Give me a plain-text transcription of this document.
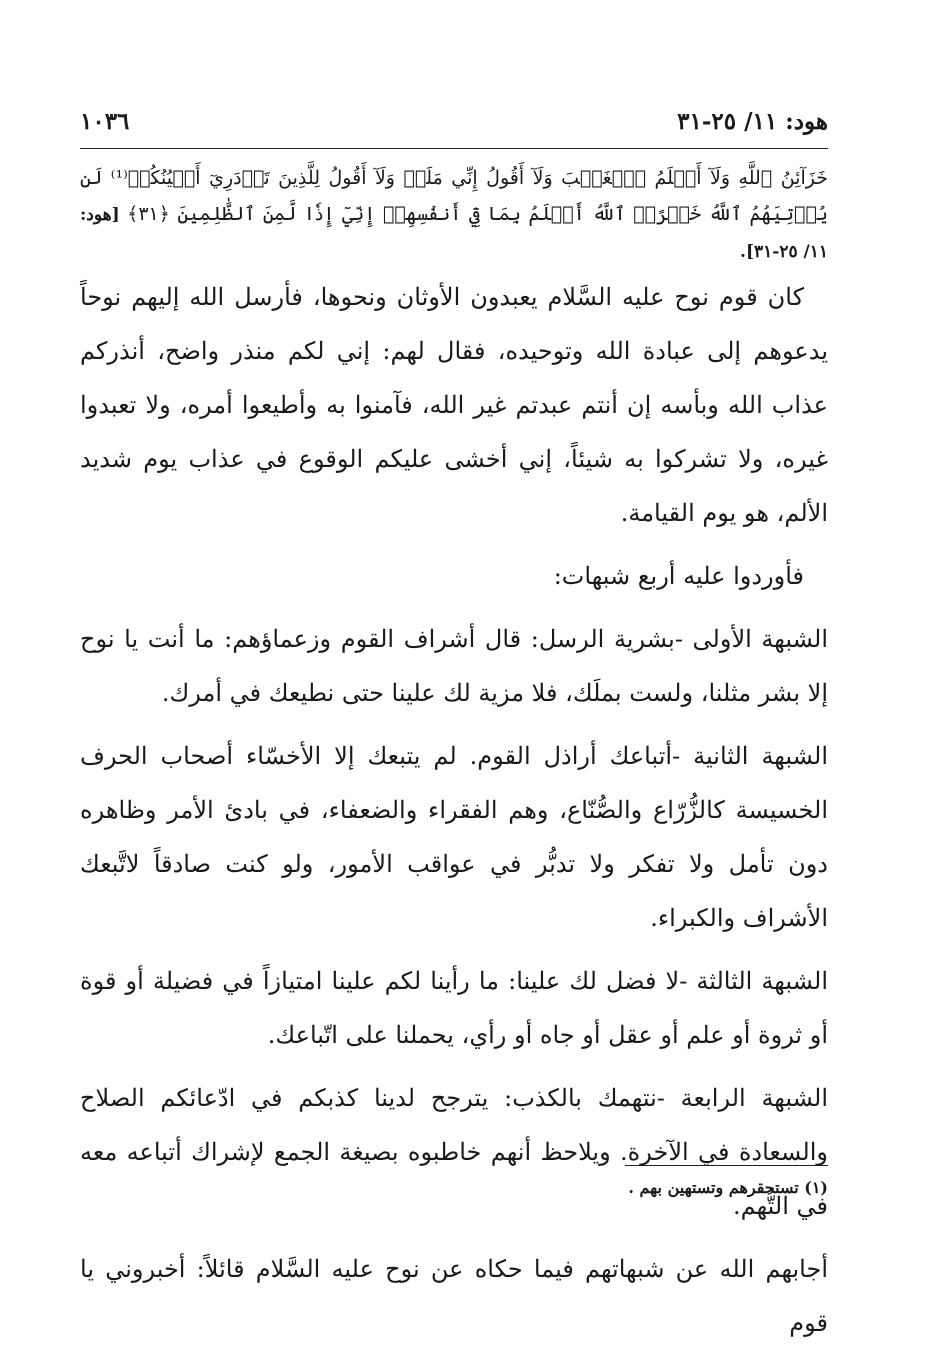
هود: ١١/ ٢٥-٣١
١٠٣٦

خَزَآئِنُ ٱللَّهِ وَلَآ أَعۡلَمُ ٱلۡغَيۡبَ وَلَآ أَقُولُ إِنِّي مَلَكٞ وَلَآ أَقُولُ لِلَّذِينَ تَزۡدَرِيٓ أَعۡيُنُكُمۡ⁽¹⁾ لَن يُؤۡتِيَهُمُ ٱللَّهُ خَيۡرًاۖ ٱللَّهُ أَعۡلَمُ بِمَا فِيٓ أَنفُسِهِمۡ إِنِّيٓ إِذٗا لَّمِنَ ٱلظَّٰلِمِينَ ﴿٣١﴾ [هود: ١١/ ٢٥-٣١].

كان قوم نوح عليه السَّلام يعبدون الأوثان ونحوها، فأرسل الله إليهم نوحاً يدعوهم إلى عبادة الله وتوحيده، فقال لهم: إني لكم منذر واضح، أنذركم عذاب الله وبأسه إن أنتم عبدتم غير الله، فآمنوا به وأطيعوا أمره، ولا تعبدوا غيره، ولا تشركوا به شيئاً، إني أخشى عليكم الوقوع في عذاب يوم شديد الألم، هو يوم القيامة.

فأوردوا عليه أربع شبهات:

الشبهة الأولى -بشرية الرسل: قال أشراف القوم وزعماؤهم: ما أنت يا نوح إلا بشر مثلنا، ولست بملَك، فلا مزية لك علينا حتى نطيعك في أمرك.

الشبهة الثانية -أتباعك أراذل القوم. لم يتبعك إلا الأخسّاء أصحاب الحرف الخسيسة كالزُّرّاع والصُّنّاع، وهم الفقراء والضعفاء، في بادئ الأمر وظاهره دون تأمل ولا تفكر ولا تدبُّر في عواقب الأمور، ولو كنت صادقاً لاتَّبعك الأشراف والكبراء.

الشبهة الثالثة -لا فضل لك علينا: ما رأينا لكم علينا امتيازاً في فضيلة أو قوة أو ثروة أو علم أو عقل أو جاه أو رأي، يحملنا على اتّباعك.

الشبهة الرابعة -نتهمك بالكذب: يترجح لدينا كذبكم في ادّعائكم الصلاح والسعادة في الآخرة. ويلاحظ أنهم خاطبوه بصيغة الجمع لإشراك أتباعه معه في التُّهم.

أجابهم الله عن شبهاتهم فيما حكاه عن نوح عليه السَّلام قائلاً: أخبروني يا قوم

(١) تستحقرهم وتستهين بهم .
